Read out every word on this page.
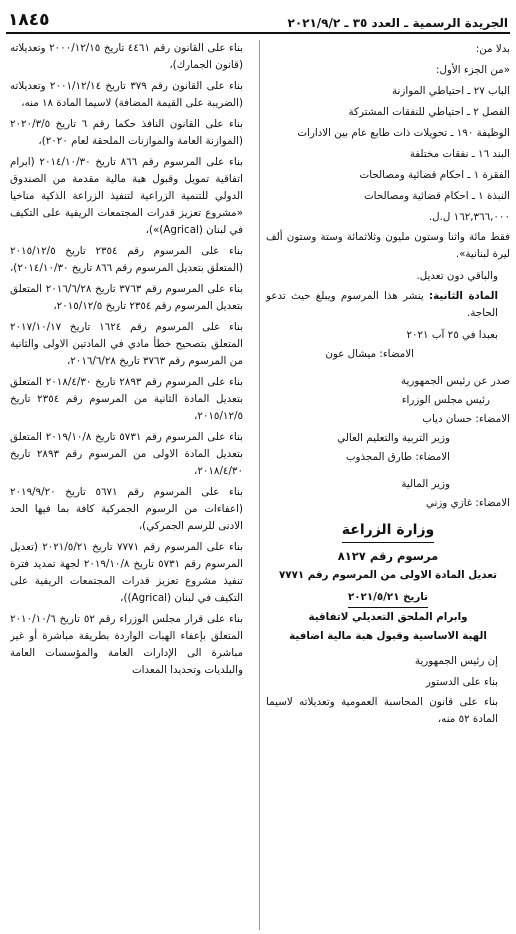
الجريدة الرسمية ـ العدد ٣٥ ـ ٢٠٢١/٩/٢
١٨٤٥
بدلا من:
«من الجزء الأول:
الباب ٢٧ ـ احتياطي الموازنة
الفصل ٢ ـ احتياطي للنفقات المشتركة
الوظيفة ١٩٠ ـ تحويلات ذات طابع عام بين الادارات
البند ١٦ ـ نفقات مختلفة
الفقرة ١ ـ احكام قضائية ومصالحات
النبذة ١ ـ احكام قضائية ومصالحات
١٦٢,٣٦٦,٠٠٠ ل.ل.

فقط مائة واثنا وستون مليون وثلاثمائة وستة وستون ألف ليرة لبنانية».

والباقي دون تعديل.

المادة الثانية: ينشر هذا المرسوم ويبلغ حيث تدعو الحاجة.

بعبدا في ٢٥ آب ٢٠٢١
الامضاء: ميشال عون
صدر عن رئيس الجمهورية
رئيس مجلس الوزراء
الامضاء: حسان دياب
وزير التربية والتعليم العالي
الامضاء: طارق المجذوب
وزير المالية
الامضاء: غازي وزني
وزارة الزراعة
مرسوم رقم ٨١٢٧
تعديل المادة الاولى من المرسوم رقم ٧٧٧١
تاريخ ٢٠٢١/٥/٢١
وابرام الملحق التعديلي لاتفاقية
الهبة الاساسية وقبول هبة مالية اضافية
إن رئيس الجمهورية
بناء على الدستور

بناء على قانون المحاسبة العمومية وتعديلاته لاسيما المادة ٥٢ منه،

بناء على القانون رقم ٤٤٦١ تاريخ ٢٠٠٠/١٢/١٥ وتعديلاته (قانون الجمارك)،

بناء على القانون رقم ٣٧٩ تاريخ ٢٠٠١/١٢/١٤ وتعديلاته (الضريبة على القيمة المضافة) لاسيما المادة ١٨ منه،

بناء على القانون النافذ حكما رقم ٦ تاريخ ٢٠٢٠/٣/٥ (الموازنة العامة والموازنات الملحقة لعام ٢٠٢٠)،

بناء على المرسوم رقم ٨٦٦ تاريخ ٢٠١٤/١٠/٣٠ (ابرام اتفاقية تمويل وقبول هبة مالية مقدمة من الصندوق الدولي للتنمية الزراعية لتنفيذ الزراعة الذكية مناخيا «مشروع تعزيز قدرات المجتمعات الريفية على التكيف في لبنان (Agrical)»)،

بناء على المرسوم رقم ٢٣٥٤ تاريخ ٢٠١٥/١٢/٥ (المتعلق بتعديل المرسوم رقم ٨٦٦ تاريخ ٢٠١٤/١٠/٣٠)،

بناء على المرسوم رقم ٣٧٦٣ تاريخ ٢٠١٦/٦/٢٨ المتعلق بتعديل المرسوم رقم ٢٣٥٤ تاريخ ٢٠١٥/١٢/٥،

بناء على المرسوم رقم ١٦٢٤ تاريخ ٢٠١٧/١٠/١٧ المتعلق بتصحيح خطأ مادي في المادتين الاولى والثانية من المرسوم رقم ٣٧٦٣ تاريخ ٢٠١٦/٦/٢٨،

بناء على المرسوم رقم ٢٨٩٣ تاريخ ٢٠١٨/٤/٣٠ المتعلق بتعديل المادة الثانية من المرسوم رقم ٢٣٥٤ تاريخ ٢٠١٥/١٢/٥،

بناء على المرسوم رقم ٥٧٣١ تاريخ ٢٠١٩/١٠/٨ المتعلق بتعديل المادة الاولى من المرسوم رقم ٢٨٩٣ تاريخ ٢٠١٨/٤/٣٠،

بناء على المرسوم رقم ٥٦٧١ تاريخ ٢٠١٩/٩/٢٠ (اعفاءات من الرسوم الجمركية كافة بما فيها الحد الادنى للرسم الجمركي)،

بناء على المرسوم رقم ٧٧٧١ تاريخ ٢٠٢١/٥/٢١ (تعديل المرسوم رقم ٥٧٣١ تاريخ ٢٠١٩/١٠/٨ لجهة تمديد فترة تنفيذ مشروع تعزيز قدرات المجتمعات الريفية على التكيف في لبنان (Agrical))،

بناء على قرار مجلس الوزراء رقم ٥٢ تاريخ ٢٠١٠/١٠/٦ المتعلق بإعفاء الهبات الواردة بطريقة مباشرة أو غير مباشرة الى الإدارات العامة والمؤسسات العامة والبلديات وتحديدا المعدات
